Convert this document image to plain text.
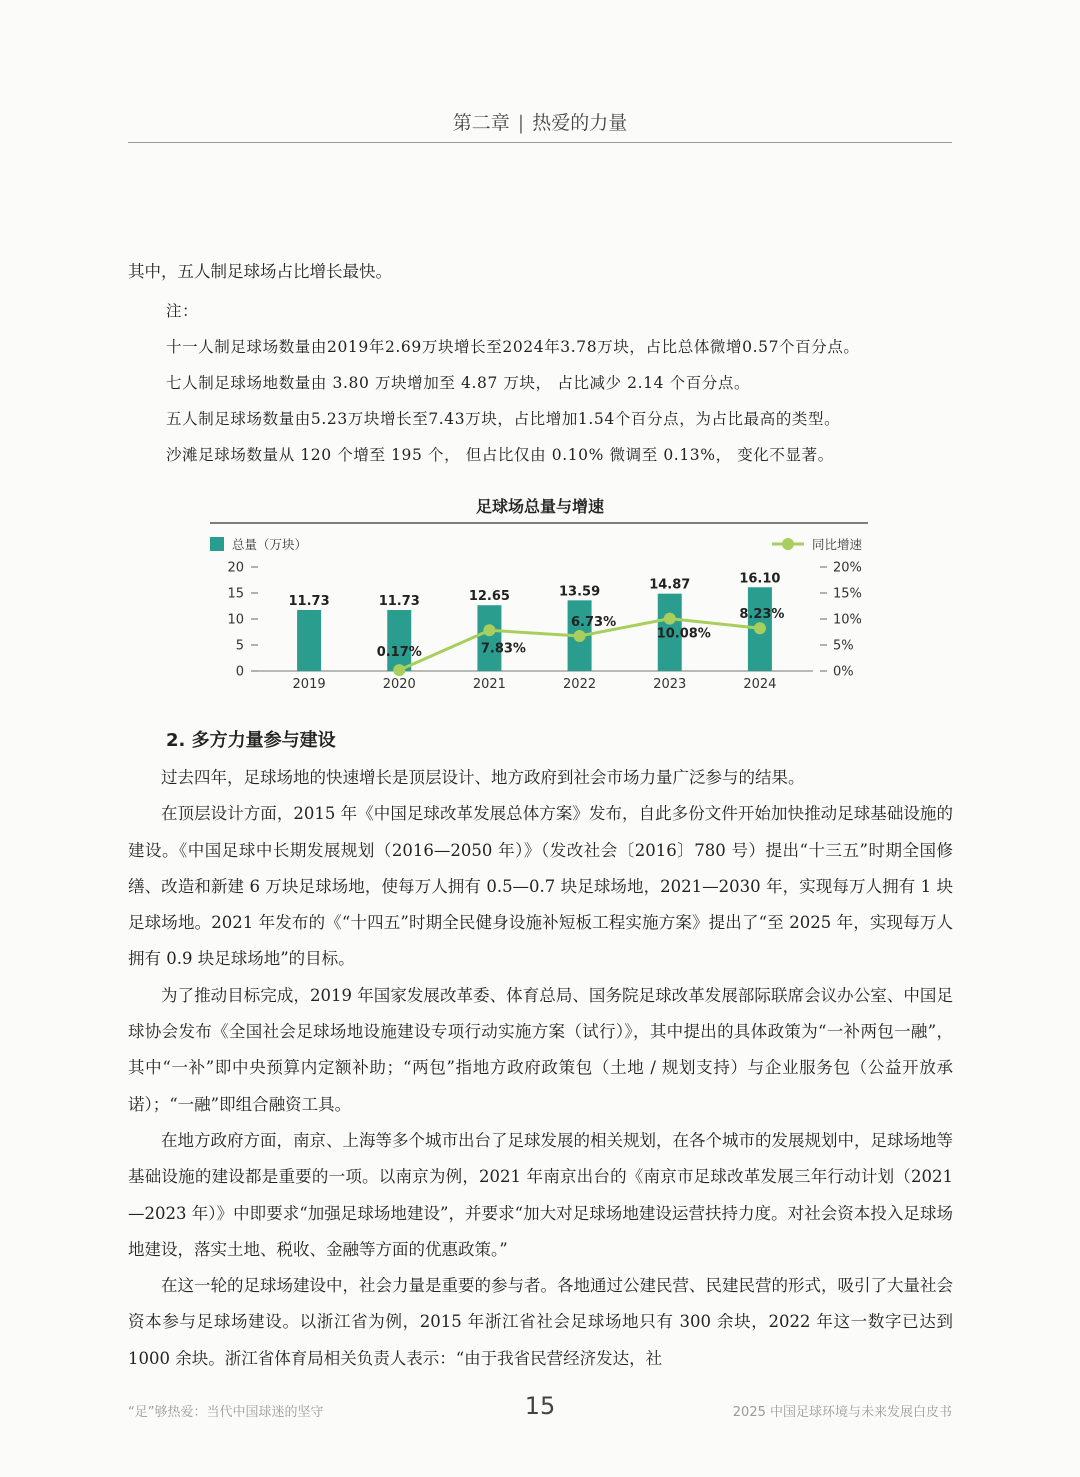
第二章 | 热爱的力量
其中，五人制足球场占比增长最快。
注：
十一人制足球场数量由2019年2.69万块增长至2024年3.78万块，占比总体微增0.57个百分点。
七人制足球场地数量由 3.80 万块增加至 4.87 万块， 占比减少 2.14 个百分点。
五人制足球场数量由5.23万块增长至7.43万块，占比增加1.54个百分点，为占比最高的类型。
沙滩足球场数量从 120 个增至 195 个， 但占比仅由 0.10% 微调至 0.13%， 变化不显著。
足球场总量与增速
总量（万块）	同比增速
0
5
10
15
20
0%
5%
10%
15%
20%
11.73	11.73	12.65	13.59	14.87	16.10
2019	2020	2021	2022	2023	2024
0.17%	7.83%
6.73%
10.08%
8.23%
2. 多方力量参与建设

过去四年，足球场地的快速增长是顶层设计、地方政府到社会市场力量广泛参与的结果。

在顶层设计方面，2015 年《中国足球改革发展总体方案》发布，自此多份文件开始加快推动足球基础设施的建设。《中国足球中长期发展规划（2016—2050 年）》（发改社会〔2016〕780 号）提出“十三五”时期全国修缮、改造和新建 6 万块足球场地，使每万人拥有 0.5—0.7 块足球场地，2021—2030 年，实现每万人拥有 1 块足球场地。2021 年发布的《“十四五”时期全民健身设施补短板工程实施方案》提出了“至 2025 年，实现每万人拥有 0.9 块足球场地”的目标。

为了推动目标完成，2019 年国家发展改革委、体育总局、国务院足球改革发展部际联席会议办公室、中国足球协会发布《全国社会足球场地设施建设专项行动实施方案（试行）》，其中提出的具体政策为“一补两包一融”，其中“一补”即中央预算内定额补助；“两包”指地方政府政策包（土地 / 规划支持）与企业服务包（公益开放承诺）；“一融”即组合融资工具。

在地方政府方面，南京、上海等多个城市出台了足球发展的相关规划，在各个城市的发展规划中，足球场地等基础设施的建设都是重要的一项。以南京为例，2021 年南京出台的《南京市足球改革发展三年行动计划（2021—2023 年）》中即要求“加强足球场地建设”，并要求“加大对足球场地建设运营扶持力度。对社会资本投入足球场地建设，落实土地、税收、金融等方面的优惠政策。”

在这一轮的足球场建设中，社会力量是重要的参与者。各地通过公建民营、民建民营的形式，吸引了大量社会资本参与足球场建设。以浙江省为例，2015 年浙江省社会足球场地只有 300 余块，2022 年这一数字已达到 1000 余块。浙江省体育局相关负责人表示：“由于我省民营经济发达，社

“足”够热爱：当代中国球迷的坚守	15	2025 中国足球环境与未来发展白皮书
